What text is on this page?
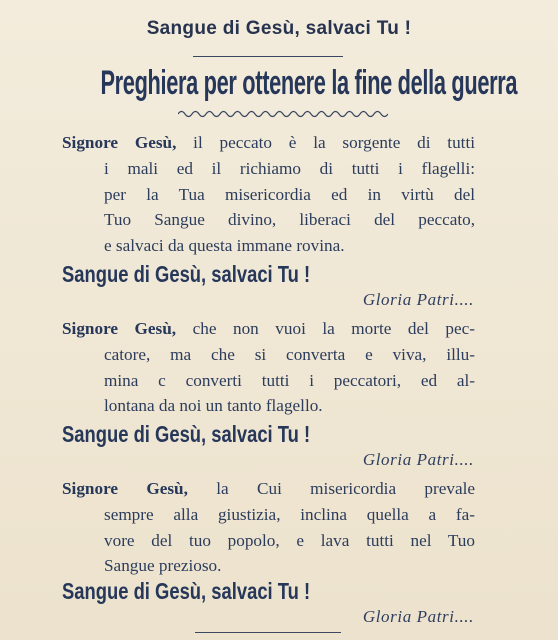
Sangue di Gesù, salvaci Tu !
Preghiera per ottenere la fine della guerra
Signore Gesù, il peccato è la sorgente di tutti
i mali ed il richiamo di tutti i flagelli:
per la Tua misericordia ed in virtù del
Tuo Sangue divino, liberaci del peccato,
e salvaci da questa immane rovina.
Sangue di Gesù, salvaci Tu !
Gloria Patri....
Signore Gesù, che non vuoi la morte del pec-
catore, ma che si converta e viva, illu-
mina c converti tutti i peccatori, ed al-
lontana da noi un tanto flagello.
Sangue di Gesù, salvaci Tu !
Gloria Patri....
Signore Gesù, la Cui misericordia prevale
sempre alla giustizia, inclina quella a fa-
vore del tuo popolo, e lava tutti nel Tuo
Sangue prezioso.
Sangue di Gesù, salvaci Tu !
Gloria Patri....
